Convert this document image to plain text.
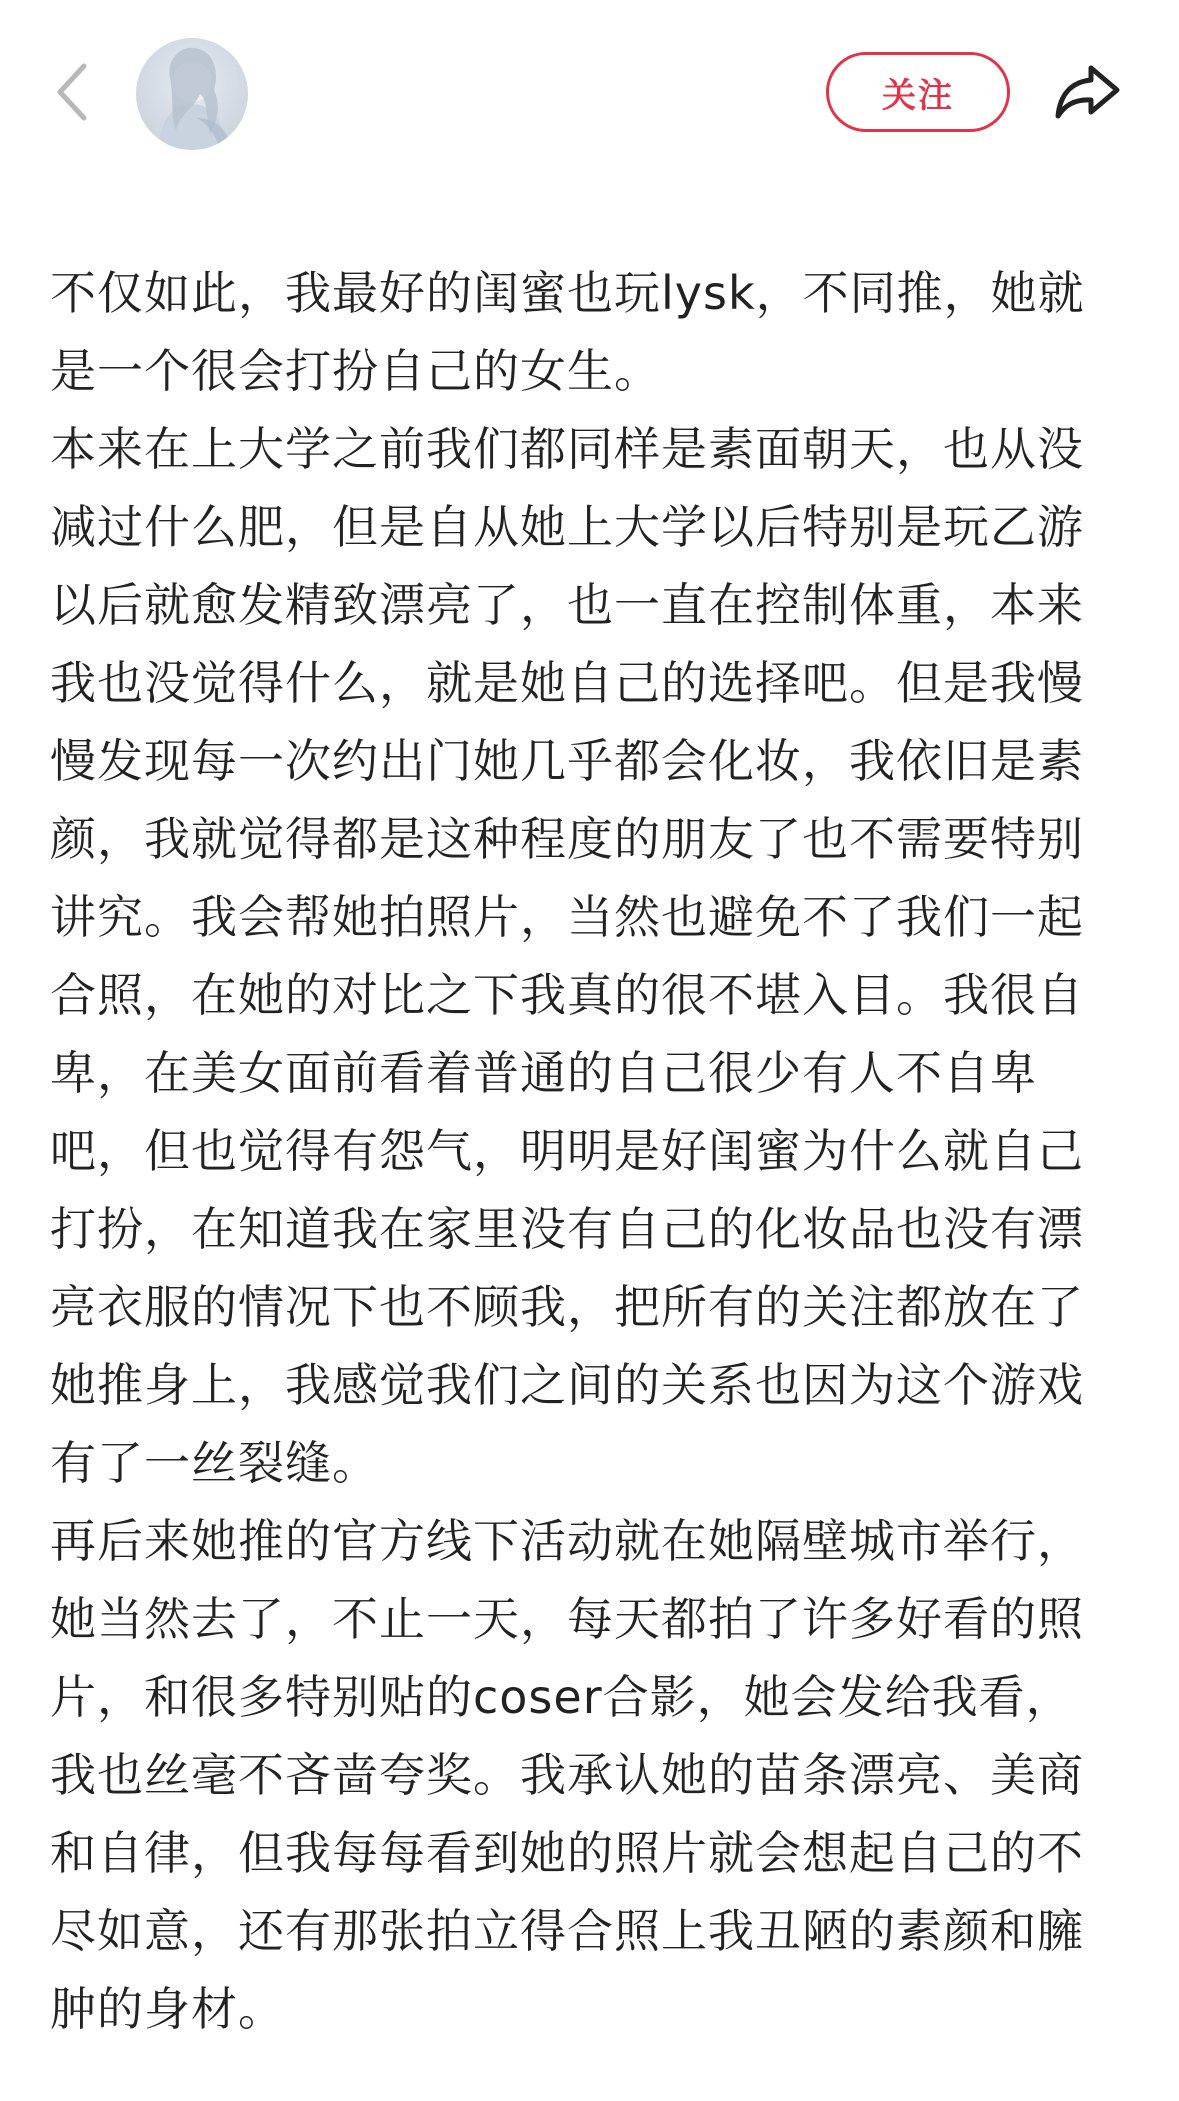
关注

不仅如此，我最好的闺蜜也玩lysk，不同推，她就
是一个很会打扮自己的女生。

本来在上大学之前我们都同样是素面朝天，也从没
减过什么肥，但是自从她上大学以后特别是玩乙游
以后就愈发精致漂亮了，也一直在控制体重，本来
我也没觉得什么，就是她自己的选择吧。但是我慢
慢发现每一次约出门她几乎都会化妆，我依旧是素
颜，我就觉得都是这种程度的朋友了也不需要特别
讲究。我会帮她拍照片，当然也避免不了我们一起
合照，在她的对比之下我真的很不堪入目。我很自
卑，在美女面前看着普通的自己很少有人不自卑
吧，但也觉得有怨气，明明是好闺蜜为什么就自己
打扮，在知道我在家里没有自己的化妆品也没有漂
亮衣服的情况下也不顾我，把所有的关注都放在了
她推身上，我感觉我们之间的关系也因为这个游戏
有了一丝裂缝。

再后来她推的官方线下活动就在她隔壁城市举行，
她当然去了，不止一天，每天都拍了许多好看的照
片，和很多特别贴的coser合影，她会发给我看，
我也丝毫不吝啬夸奖。我承认她的苗条漂亮、美商
和自律，但我每每看到她的照片就会想起自己的不
尽如意，还有那张拍立得合照上我丑陋的素颜和臃
肿的身材。
